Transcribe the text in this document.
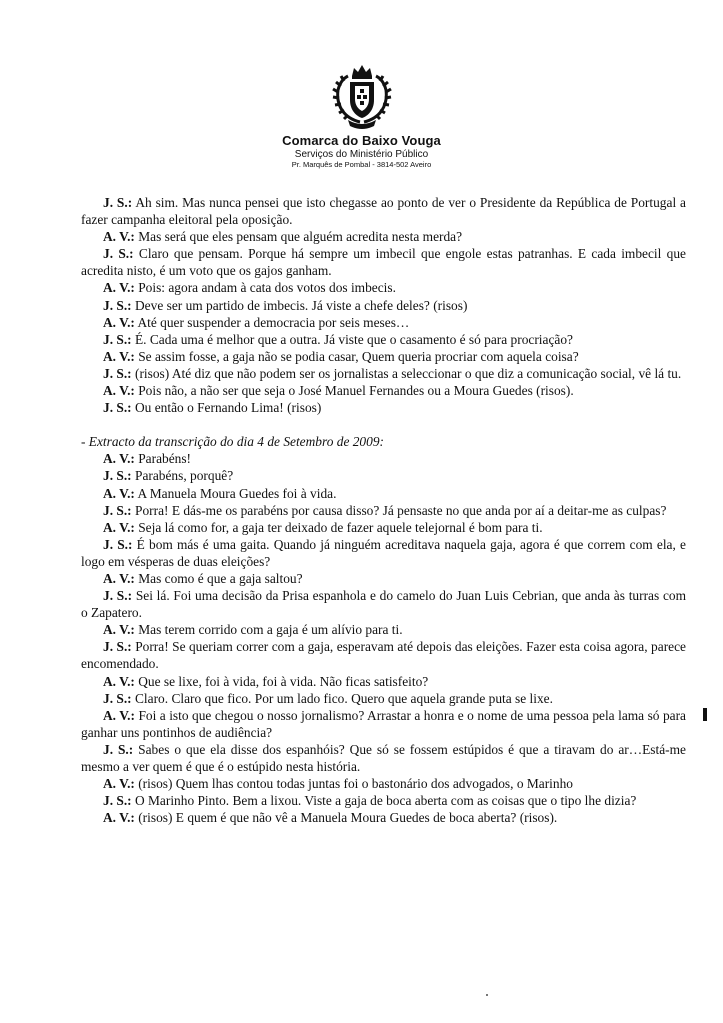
Comarca do Baixo Vouga
Serviços do Ministério Público
Pr. Marquês de Pombal - 3814-502 Aveiro

J. S.: Ah sim. Mas nunca pensei que isto chegasse ao ponto de ver o Presidente da República de Portugal a fazer campanha eleitoral pela oposição.

A. V.: Mas será que eles pensam que alguém acredita nesta merda?

J. S.: Claro que pensam. Porque há sempre um imbecil que engole estas patranhas. E cada imbecil que acredita nisto, é um voto que os gajos ganham.

A. V.: Pois: agora andam à cata dos votos dos imbecis.

J. S.: Deve ser um partido de imbecis. Já viste a chefe deles? (risos)

A. V.: Até quer suspender a democracia por seis meses…

J. S.: É. Cada uma é melhor que a outra. Já viste que o casamento é só para procriação?

A. V.: Se assim fosse, a gaja não se podia casar, Quem queria procriar com aquela coisa?

J. S.: (risos) Até diz que não podem ser os jornalistas a seleccionar o que diz a comunicação social, vê lá tu.

A. V.: Pois não, a não ser que seja o José Manuel Fernandes ou a Moura Guedes (risos).

J. S.: Ou então o Fernando Lima! (risos)

- Extracto da transcrição do dia 4 de Setembro de 2009:

A. V.: Parabéns!

J. S.: Parabéns, porquê?

A. V.: A Manuela Moura Guedes foi à vida.

J. S.: Porra! E dás-me os parabéns por causa disso? Já pensaste no que anda por aí a deitar-me as culpas?

A. V.: Seja lá como for, a gaja ter deixado de fazer aquele telejornal é bom para ti.

J. S.: É bom más é uma gaita. Quando já ninguém acreditava naquela gaja, agora é que correm com ela, e logo em vésperas de duas eleições?

A. V.: Mas como é que a gaja saltou?

J. S.: Sei lá. Foi uma decisão da Prisa espanhola e do camelo do Juan Luis Cebrian, que anda às turras com o Zapatero.

A. V.: Mas terem corrido com a gaja é um alívio para ti.

J. S.: Porra! Se queriam correr com a gaja, esperavam até depois das eleições. Fazer esta coisa agora, parece encomendado.

A. V.: Que se lixe, foi à vida, foi à vida. Não ficas satisfeito?

J. S.: Claro. Claro que fico. Por um lado fico. Quero que aquela grande puta se lixe.

A. V.: Foi a isto que chegou o nosso jornalismo? Arrastar a honra e o nome de uma pessoa pela lama só para ganhar uns pontinhos de audiência?

J. S.: Sabes o que ela disse dos espanhóis? Que só se fossem estúpidos é que a tiravam do ar…Está-me mesmo a ver quem é que é o estúpido nesta história.

A. V.: (risos) Quem lhas contou todas juntas foi o bastonário dos advogados, o Marinho

J. S.: O Marinho Pinto. Bem a lixou. Viste a gaja de boca aberta com as coisas que o tipo lhe dizia?

A. V.: (risos) E quem é que não vê a Manuela Moura Guedes de boca aberta? (risos).
